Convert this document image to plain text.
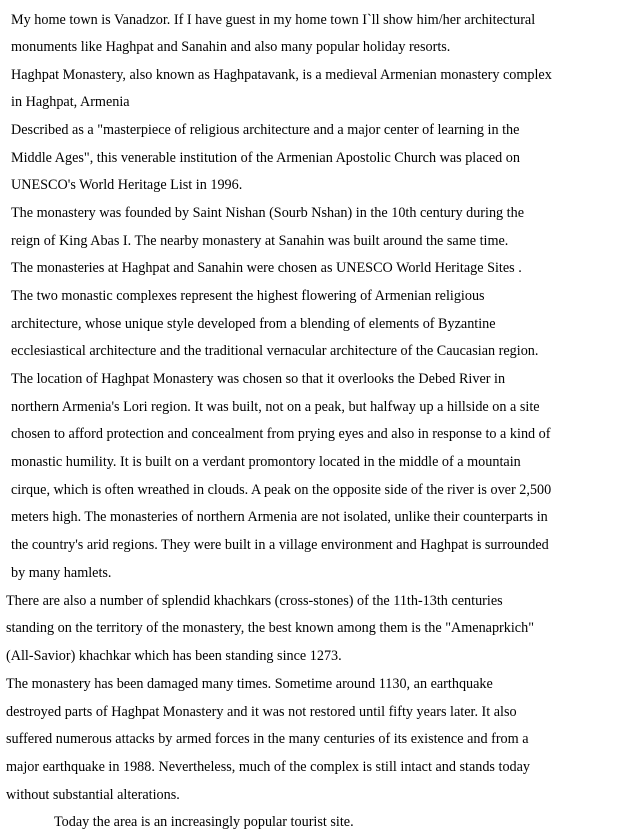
My home town is Vanadzor. If I have guest in my home town I`ll show him/her architectural
monuments like Haghpat and Sanahin and also many popular holiday resorts.
Haghpat Monastery, also known as Haghpatavank, is a medieval Armenian monastery complex
in Haghpat, Armenia
Described as a "masterpiece of religious architecture and a major center of learning in the
Middle Ages", this venerable institution of the Armenian Apostolic Church was placed on
UNESCO's World Heritage List in 1996.
The monastery was founded by Saint Nishan (Sourb Nshan) in the 10th century during the
reign of King Abas I. The nearby monastery at Sanahin was built around the same time.
The monasteries at Haghpat and Sanahin were chosen as UNESCO World Heritage Sites .
The two monastic complexes represent the highest flowering of Armenian religious
architecture, whose unique style developed from a blending of elements of Byzantine
ecclesiastical architecture and the traditional vernacular architecture of the Caucasian region.
The location of Haghpat Monastery was chosen so that it overlooks the Debed River in
northern Armenia's Lori region. It was built, not on a peak, but halfway up a hillside on a site
chosen to afford protection and concealment from prying eyes and also in response to a kind of
monastic humility. It is built on a verdant promontory located in the middle of a mountain
cirque, which is often wreathed in clouds. A peak on the opposite side of the river is over 2,500
meters high. The monasteries of northern Armenia are not isolated, unlike their counterparts in
the country's arid regions. They were built in a village environment and Haghpat is surrounded
by many hamlets.
There are also a number of splendid khachkars (cross-stones) of the 11th-13th centuries
standing on the territory of the monastery, the best known among them is the "Amenaprkich"
(All-Savior) khachkar which has been standing since 1273.
The monastery has been damaged many times. Sometime around 1130, an earthquake
destroyed parts of Haghpat Monastery and it was not restored until fifty years later. It also
suffered numerous attacks by armed forces in the many centuries of its existence and from a
major earthquake in 1988. Nevertheless, much of the complex is still intact and stands today
without substantial alterations.
Today the area is an increasingly popular tourist site.
